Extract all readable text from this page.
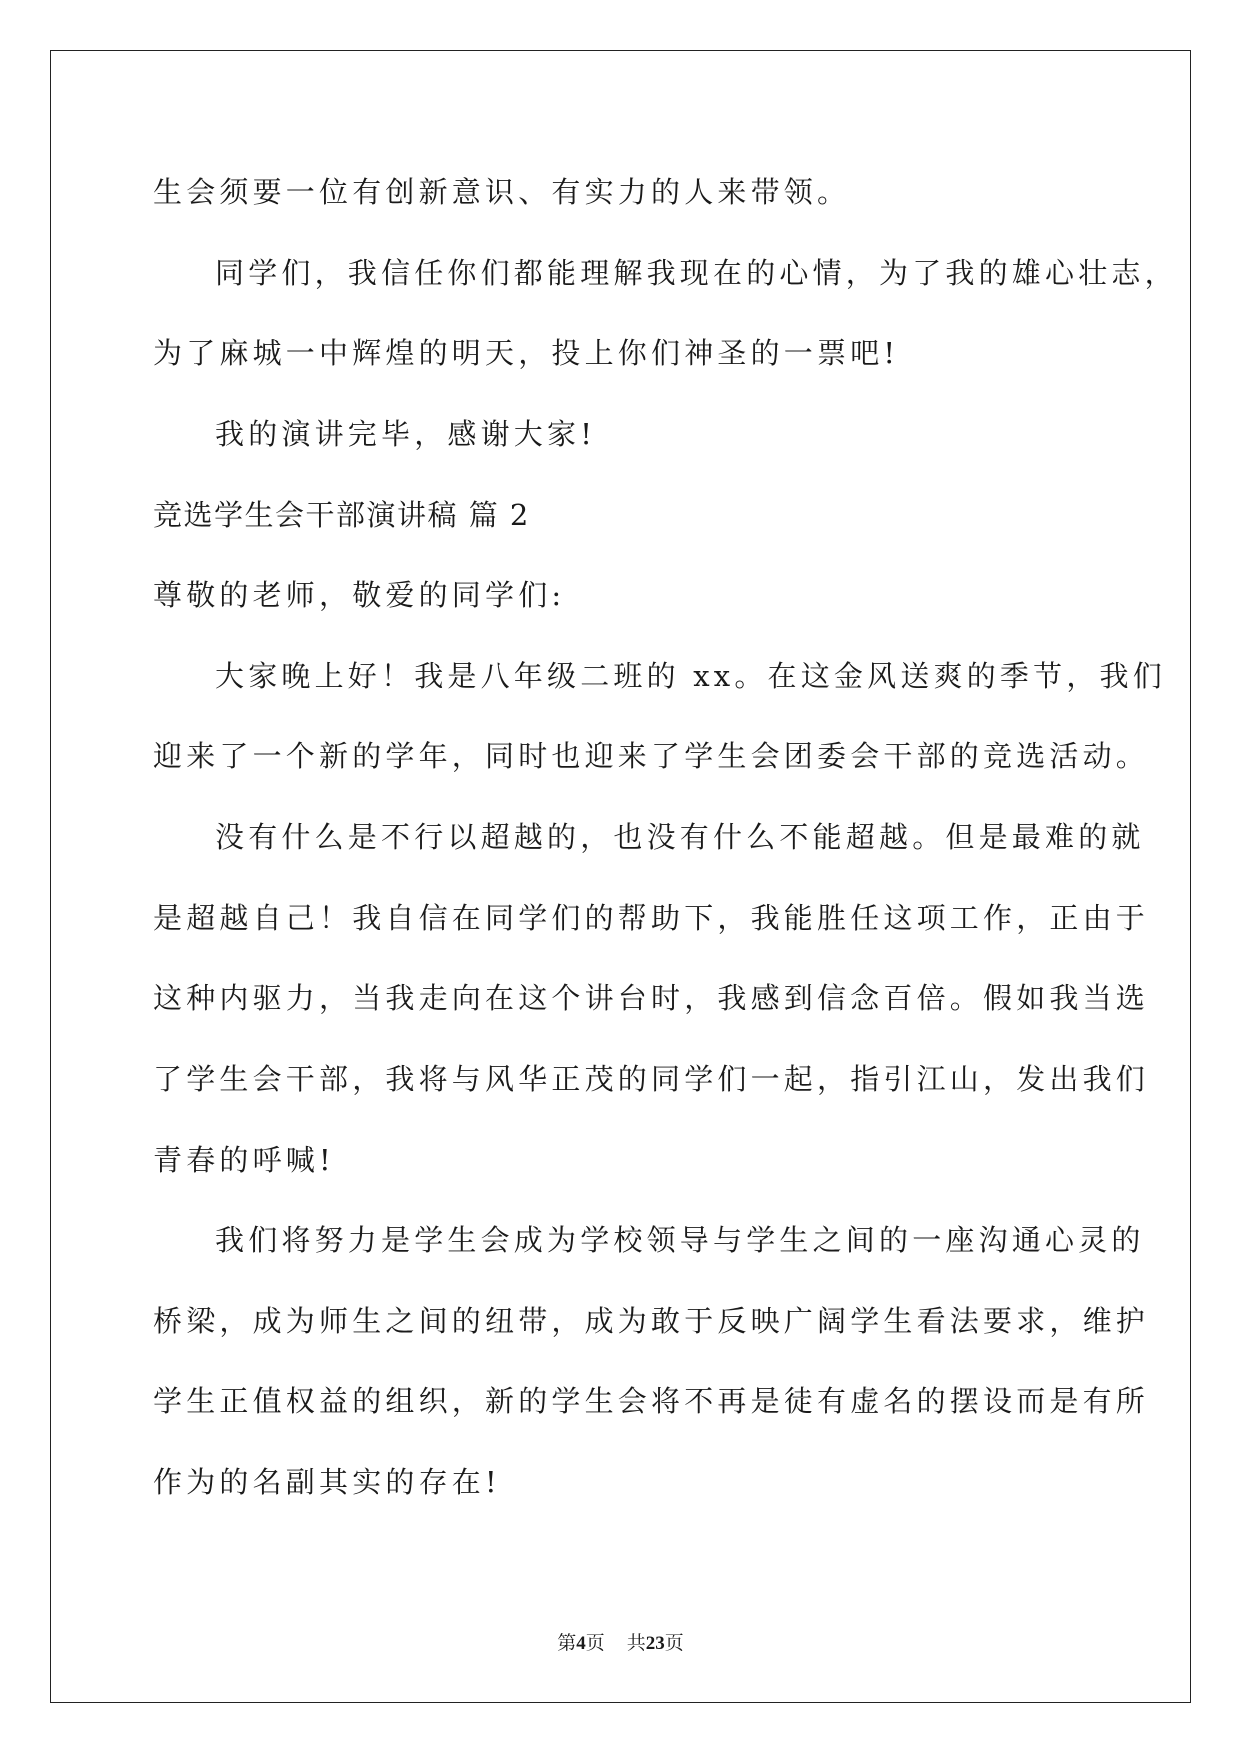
生会须要一位有创新意识、有实力的人来带领。
同学们，我信任你们都能理解我现在的心情，为了我的雄心壮志，
为了麻城一中辉煌的明天，投上你们神圣的一票吧!
我的演讲完毕，感谢大家!
竞选学生会干部演讲稿 篇 2
尊敬的老师，敬爱的同学们:
大家晚上好！我是八年级二班的 xx。在这金风送爽的季节，我们
迎来了一个新的学年，同时也迎来了学生会团委会干部的竞选活动。
没有什么是不行以超越的，也没有什么不能超越。但是最难的就
是超越自己！我自信在同学们的帮助下，我能胜任这项工作，正由于
这种内驱力，当我走向在这个讲台时，我感到信念百倍。假如我当选
了学生会干部，我将与风华正茂的同学们一起，指引江山，发出我们
青春的呼喊!
我们将努力是学生会成为学校领导与学生之间的一座沟通心灵的
桥梁，成为师生之间的纽带，成为敢于反映广阔学生看法要求，维护
学生正值权益的组织，新的学生会将不再是徒有虚名的摆设而是有所
作为的名副其实的存在!
第4页 共23页
